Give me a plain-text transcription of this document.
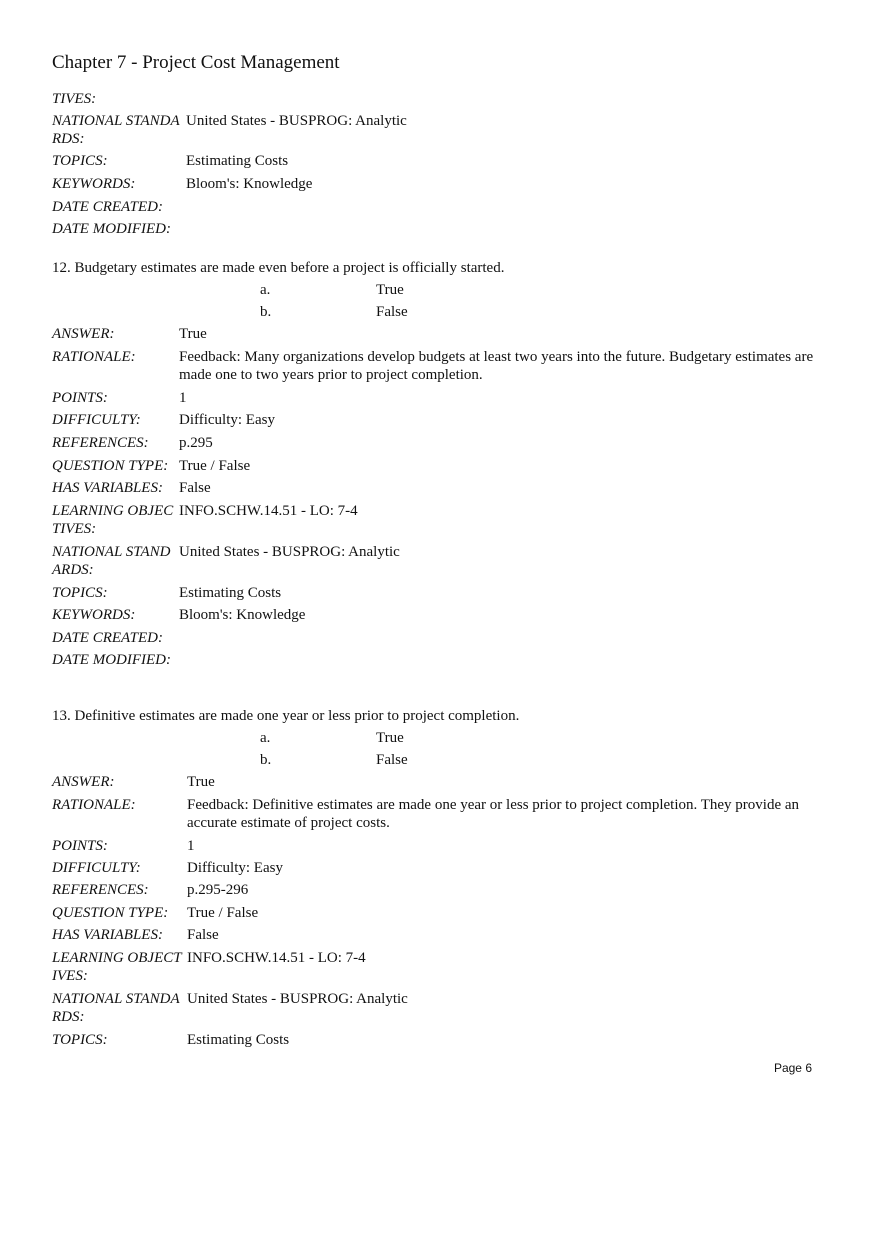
Chapter 7 - Project Cost Management
TIVES:
NATIONAL STANDARDS:
United States - BUSPROG: Analytic
TOPICS:	Estimating Costs
KEYWORDS:	Bloom's: Knowledge
DATE CREATED:
DATE MODIFIED:
12. Budgetary estimates are made even before a project is officially started.
a.	True
b.	False
ANSWER:	True
RATIONALE:	Feedback: Many organizations develop budgets at least two years into the future. Budgetary estimates are made one to two years prior to project completion.
POINTS:	1
DIFFICULTY:	Difficulty: Easy
REFERENCES:	p.295
QUESTION TYPE: True / False
HAS VARIABLES:	False
LEARNING OBJECTIVES:
INFO.SCHW.14.51 - LO: 7-4
NATIONAL STANDARDS:
United States - BUSPROG: Analytic
TOPICS:	Estimating Costs
KEYWORDS:	Bloom's: Knowledge
DATE CREATED:
DATE MODIFIED:
13. Definitive estimates are made one year or less prior to project completion.
a.	True
b.	False
ANSWER:	True
RATIONALE:	Feedback: Definitive estimates are made one year or less prior to project completion. They provide an accurate estimate of project costs.
POINTS:	1
DIFFICULTY:	Difficulty: Easy
REFERENCES:	p.295-296
QUESTION TYPE:	True / False
HAS VARIABLES:	False
LEARNING OBJECTIVES:
INFO.SCHW.14.51 - LO: 7-4
NATIONAL STANDARDS:
United States - BUSPROG: Analytic
TOPICS:	Estimating Costs
Page 6
